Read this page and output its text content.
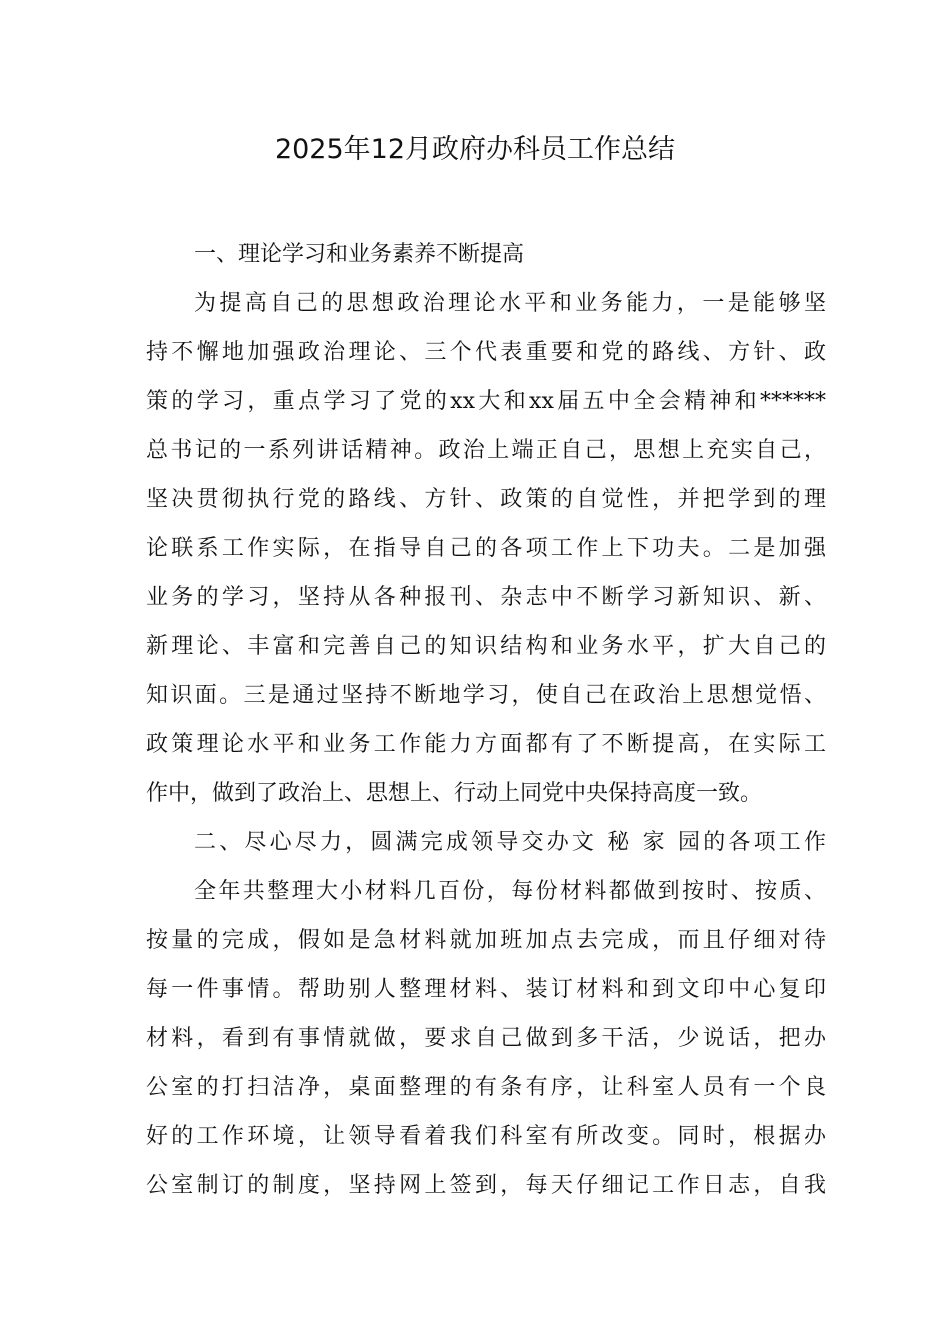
2025年12月政府办科员工作总结
一、理论学习和业务素养不断提高
为提高自己的思想政治理论水平和业务能力，一是能够坚
持不懈地加强政治理论、三个代表重要和党的路线、方针、政
策的学习，重点学习了党的xx大和xx届五中全会精神和******
总书记的一系列讲话精神。政治上端正自己，思想上充实自己，
坚决贯彻执行党的路线、方针、政策的自觉性，并把学到的理
论联系工作实际，在指导自己的各项工作上下功夫。二是加强
业务的学习，坚持从各种报刊、杂志中不断学习新知识、新、
新理论、丰富和完善自己的知识结构和业务水平，扩大自己的
知识面。三是通过坚持不断地学习，使自己在政治上思想觉悟、
政策理论水平和业务工作能力方面都有了不断提高，在实际工
作中，做到了政治上、思想上、行动上同党中央保持高度一致。
二、尽心尽力，圆满完成领导交办文 秘 家 园的各项工作
全年共整理大小材料几百份，每份材料都做到按时、按质、
按量的完成，假如是急材料就加班加点去完成，而且仔细对待
每一件事情。帮助别人整理材料、装订材料和到文印中心复印
材料，看到有事情就做，要求自己做到多干活，少说话，把办
公室的打扫洁净，桌面整理的有条有序，让科室人员有一个良
好的工作环境，让领导看着我们科室有所改变。同时，根据办
公室制订的制度，坚持网上签到，每天仔细记工作日志，自我
